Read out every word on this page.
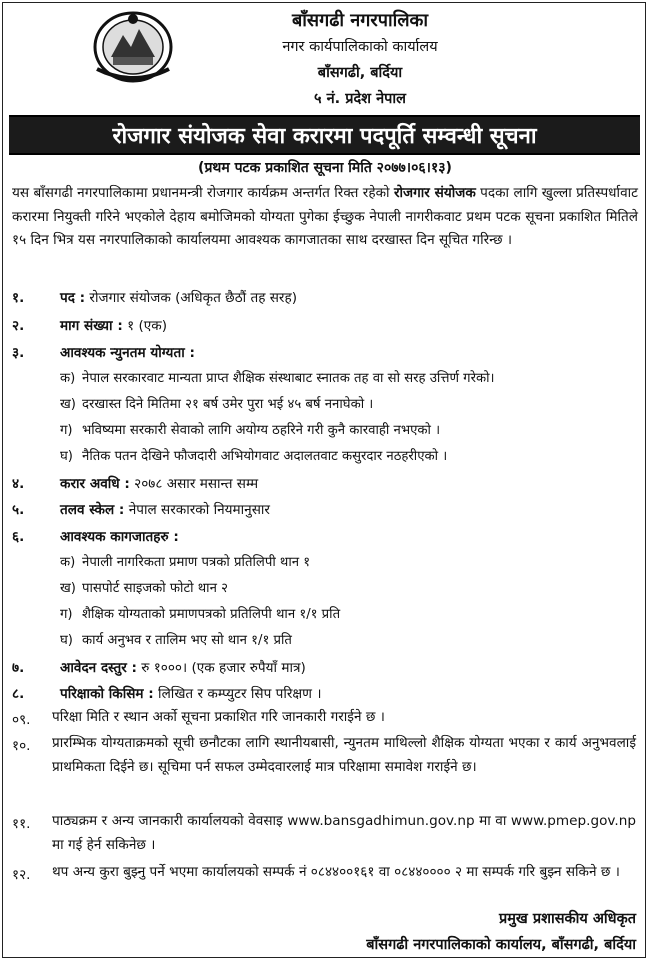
बाँसगढी नगरपालिका
नगर कार्यपालिकाको कार्यालय
बाँसगढी, बर्दिया
५ नं. प्रदेश नेपाल
रोजगार संयोजक सेवा करारमा पदपूर्ति सम्वन्धी सूचना
(प्रथम पटक प्रकाशित सूचना मिति २०७७।०६।१३)
यस बाँसगढी नगरपालिकामा प्रधानमन्त्री रोजगार कार्यक्रम अन्तर्गत रिक्त रहेको रोजगार संयोजक पदका लागि खुल्ला प्रतिस्पर्धावाट करारमा नियुक्ती गरिने भएकोले देहाय बमोजिमको योग्यता पुगेका ईच्छुक नेपाली नागरीकवाट प्रथम पटक सूचना प्रकाशित मितिले १५ दिन भित्र यस नगरपालिकाको कार्यालयमा आवश्यक कागजातका साथ दरखास्त दिन सूचित गरिन्छ ।
१.	पद : रोजगार संयोजक (अधिकृत छैठौं तह सरह)
२.	माग संख्या : १ (एक)
३.	आवश्यक न्युनतम योग्यता :
क) नेपाल सरकारवाट मान्यता प्राप्त शैक्षिक संस्थाबाट स्नातक तह वा सो सरह उत्तिर्ण गरेको।
ख) दरखास्त दिने मितिमा २१ बर्ष उमेर पुरा भई ४५ बर्ष ननाघेको ।
ग) भविष्यमा सरकारी सेवाको लागि अयोग्य ठहरिने गरी कुनै कारवाही नभएको ।
घ) नैतिक पतन देखिने फौजदारी अभियोगवाट अदालतवाट कसुरदार नठहरीएको ।
४.	करार अवधि : २०७८ असार मसान्त सम्म
५.	तलव स्केल : नेपाल सरकारको नियमानुसार
६.	आवश्यक कागजातहरु :
क) नेपाली नागरिकता प्रमाण पत्रको प्रतिलिपी थान १
ख) पासपोर्ट साइजको फोटो थान २
ग) शैक्षिक योग्यताको प्रमाणपत्रको प्रतिलिपी थान १/१ प्रति
घ) कार्य अनुभव र तालिम भए सो थान १/१ प्रति
७.	आवेदन दस्तुर : रु १०००। (एक हजार रुपैयाँ मात्र)
८.	परिक्षाको किसिम : लिखित र कम्प्युटर सिप परिक्षण ।
०९. परिक्षा मिति र स्थान अर्को सूचना प्रकाशित गरि जानकारी गराईने छ ।
१०. प्रारम्भिक योग्यताक्रमको सूची छनौटका लागि स्थानीयबासी, न्युनतम माथिल्लो शैक्षिक योग्यता भएका र कार्य अनुभवलाई प्राथमिकता दिईने छ। सूचिमा पर्न सफल उम्मेदवारलाई मात्र परिक्षामा समावेश गराईने छ।
११. पाठ्यक्रम र अन्य जानकारी कार्यालयको वेवसाइ www.bansgadhimun.gov.np मा वा www.pmep.gov.np मा गई हेर्न सकिनेछ ।
१२. थप अन्य कुरा बुझ्नु पर्ने भएमा कार्यालयको सम्पर्क नं ०८४४००१६१ वा ०८४४०००० २ मा सम्पर्क गरि बुझ्न सकिने छ ।
प्रमुख प्रशासकीय अधिकृत
बाँसगढी नगरपालिकाको कार्यालय, बाँसगढी, बर्दिया
